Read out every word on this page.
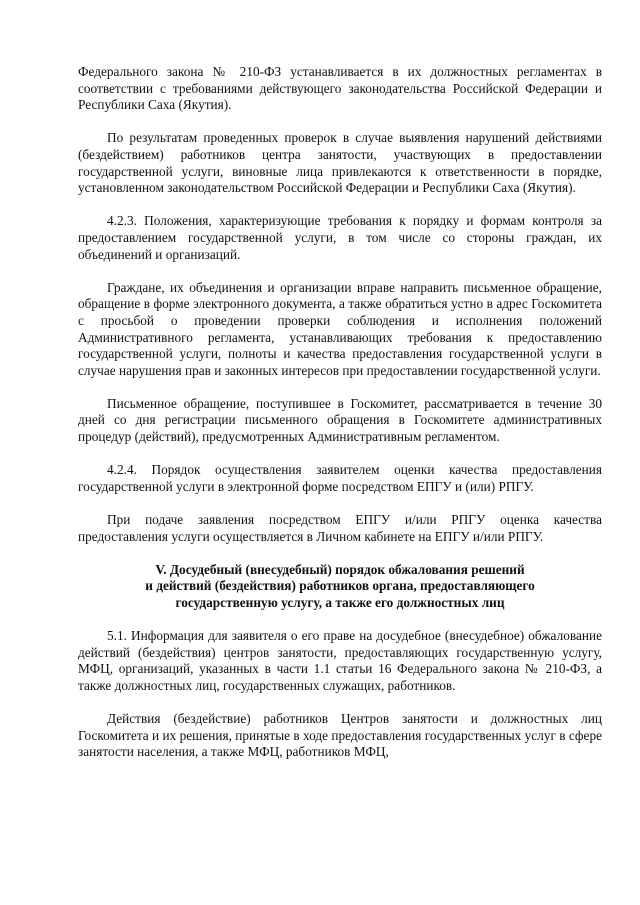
Федерального закона № 210-ФЗ устанавливается в их должностных регламентах в соответствии с требованиями действующего законодательства Российской Федерации и Республики Саха (Якутия).

По результатам проведенных проверок в случае выявления нарушений действиями (бездействием) работников центра занятости, участвующих в предоставлении государственной услуги, виновные лица привлекаются к ответственности в порядке, установленном законодательством Российской Федерации и Республики Саха (Якутия).

4.2.3. Положения, характеризующие требования к порядку и формам контроля за предоставлением государственной услуги, в том числе со стороны граждан, их объединений и организаций.

Граждане, их объединения и организации вправе направить письменное обращение, обращение в форме электронного документа, а также обратиться устно в адрес Госкомитета с просьбой о проведении проверки соблюдения и исполнения положений Административного регламента, устанавливающих требования к предоставлению государственной услуги, полноты и качества предоставления государственной услуги в случае нарушения прав и законных интересов при предоставлении государственной услуги.

Письменное обращение, поступившее в Госкомитет, рассматривается в течение 30 дней со дня регистрации письменного обращения в Госкомитете административных процедур (действий), предусмотренных Административным регламентом.

4.2.4. Порядок осуществления заявителем оценки качества предоставления государственной услуги в электронной форме посредством ЕПГУ и (или) РПГУ.

При подаче заявления посредством ЕПГУ и/или РПГУ оценка качества предоставления услуги осуществляется в Личном кабинете на ЕПГУ и/или РПГУ.

V. Досудебный (внесудебный) порядок обжалования решений
и действий (бездействия) работников органа, предоставляющего
государственную услугу, а также его должностных лиц

5.1. Информация для заявителя о его праве на досудебное (внесудебное) обжалование действий (бездействия) центров занятости, предоставляющих государственную услугу, МФЦ, организаций, указанных в части 1.1 статьи 16 Федерального закона № 210-ФЗ, а также должностных лиц, государственных служащих, работников.

Действия (бездействие) работников Центров занятости и должностных лиц Госкомитета и их решения, принятые в ходе предоставления государственных услуг в сфере занятости населения, а также МФЦ, работников МФЦ,
